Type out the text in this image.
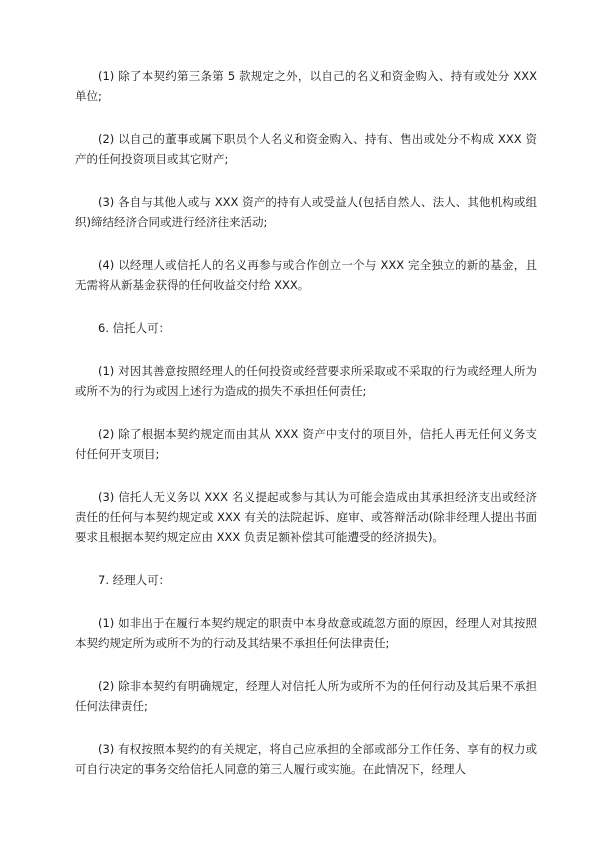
(1) 除了本契约第三条第 5 款规定之外，以自己的名义和资金购入、持有或处分 XXX 单位;

(2) 以自己的董事或属下职员个人名义和资金购入、持有、售出或处分不构成 XXX 资产的任何投资项目或其它财产;

(3) 各自与其他人或与 XXX 资产的持有人或受益人(包括自然人、法人、其他机构或组织)缔结经济合同或进行经济往来活动;

(4) 以经理人或信托人的名义再参与或合作创立一个与 XXX 完全独立的新的基金，且无需将从新基金获得的任何收益交付给 XXX。

6. 信托人可：

(1) 对因其善意按照经理人的任何投资或经营要求所采取或不采取的行为或经理人所为或所不为的行为或因上述行为造成的损失不承担任何责任;

(2) 除了根据本契约规定而由其从 XXX 资产中支付的项目外，信托人再无任何义务支付任何开支项目;

(3) 信托人无义务以 XXX 名义提起或参与其认为可能会造成由其承担经济支出或经济责任的任何与本契约规定或 XXX 有关的法院起诉、庭审、或答辩活动(除非经理人提出书面要求且根据本契约规定应由 XXX 负责足额补偿其可能遭受的经济损失)。

7. 经理人可：

(1) 如非出于在履行本契约规定的职责中本身故意或疏忽方面的原因，经理人对其按照本契约规定所为或所不为的行动及其结果不承担任何法律责任;

(2) 除非本契约有明确规定，经理人对信托人所为或所不为的任何行动及其后果不承担任何法律责任;

(3) 有权按照本契约的有关规定，将自己应承担的全部或部分工作任务、享有的权力或可自行决定的事务交给信托人同意的第三人履行或实施。在此情况下，经理人
